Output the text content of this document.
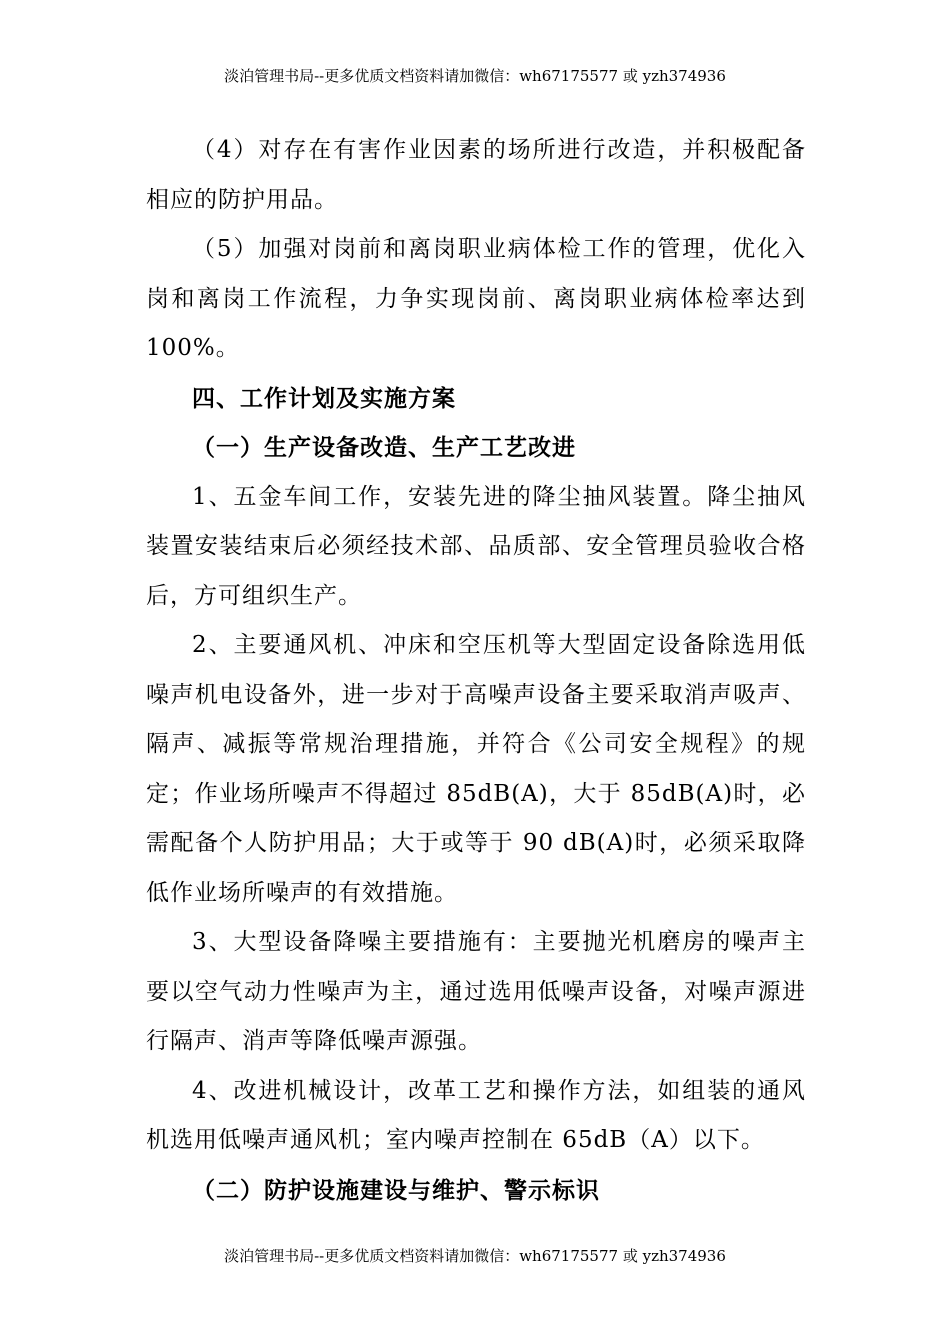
淡泊管理书局--更多优质文档资料请加微信：wh67175577 或 yzh374936

（4）对存在有害作业因素的场所进行改造，并积极配备相应的防护用品。

（5）加强对岗前和离岗职业病体检工作的管理，优化入岗和离岗工作流程，力争实现岗前、离岗职业病体检率达到 100%。

四、工作计划及实施方案

（一）生产设备改造、生产工艺改进

1、五金车间工作，安装先进的降尘抽风装置。降尘抽风装置安装结束后必须经技术部、品质部、安全管理员验收合格后，方可组织生产。

2、主要通风机、冲床和空压机等大型固定设备除选用低噪声机电设备外，进一步对于高噪声设备主要采取消声吸声、隔声、减振等常规治理措施，并符合《公司安全规程》的规定；作业场所噪声不得超过 85dB(A)，大于 85dB(A)时，必需配备个人防护用品；大于或等于 90 dB(A)时，必须采取降低作业场所噪声的有效措施。

3、大型设备降噪主要措施有：主要抛光机磨房的噪声主要以空气动力性噪声为主，通过选用低噪声设备，对噪声源进行隔声、消声等降低噪声源强。

4、改进机械设计，改革工艺和操作方法，如组装的通风机选用低噪声通风机；室内噪声控制在 65dB（A）以下。

（二）防护设施建设与维护、警示标识

淡泊管理书局--更多优质文档资料请加微信：wh67175577 或 yzh374936
